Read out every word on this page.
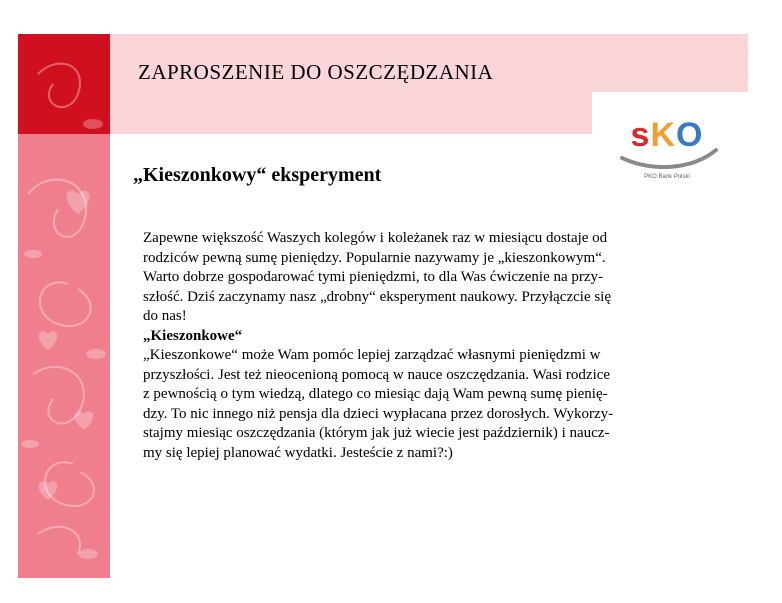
ZAPROSZENIE DO OSZCZĘDZANIA
sKO
PKO Bank Polski
„Kieszonkowy“ eksperyment

Zapewne większość Waszych kolegów i koleżanek raz w miesiącu dostaje od

rodziców pewną sumę pieniędzy. Popularnie nazywamy je „kieszonkowym“.

Warto dobrze gospodarować tymi pieniędzmi, to dla Was ćwiczenie na przy-

szłość. Dziś zaczynamy nasz „drobny“ eksperyment naukowy. Przyłączcie się

do nas!

„Kieszonkowe“

„Kieszonkowe“ może Wam pomóc lepiej zarządzać własnymi pieniędzmi w

przyszłości. Jest też nieocenioną pomocą w nauce oszczędzania. Wasi rodzice

z pewnością o tym wiedzą, dlatego co miesiąc dają Wam pewną sumę pienię-

dzy. To nic innego niż pensja dla dzieci wypłacana przez dorosłych. Wykorzy-

stajmy miesiąc oszczędzania (którym jak już wiecie jest październik) i naucz-

my się lepiej planować wydatki. Jesteście z nami?:)
